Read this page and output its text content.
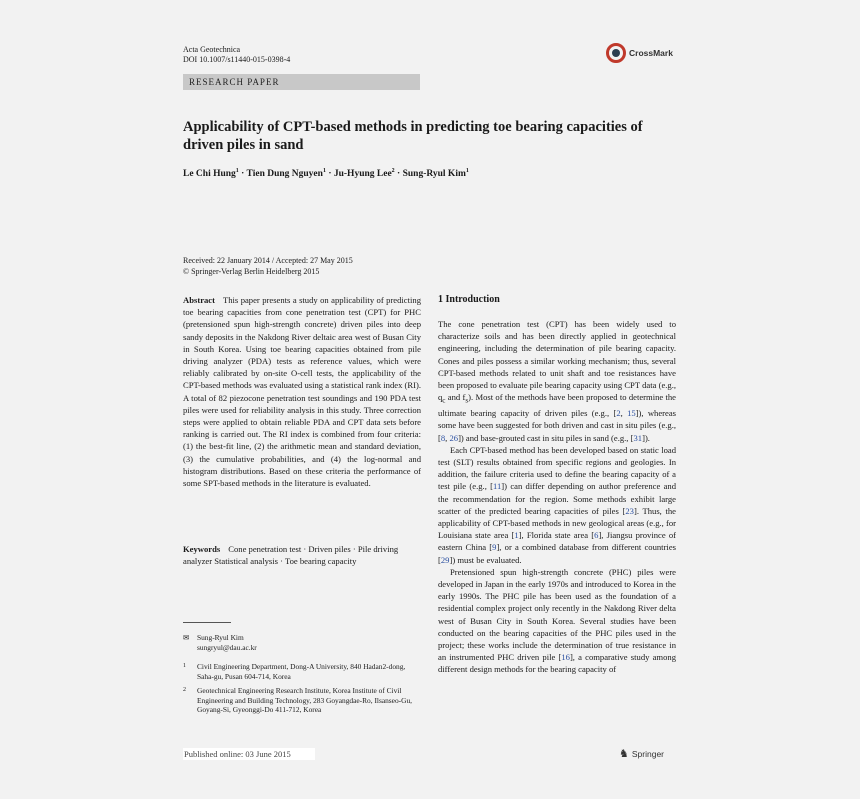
Acta Geotechnica
DOI 10.1007/s11440-015-0398-4
CrossMark
RESEARCH PAPER
Applicability of CPT-based methods in predicting toe bearing capacities of driven piles in sand
Le Chi Hung$^1$ · Tien Dung Nguyen$^1$ · Ju-Hyung Lee$^2$ · Sung-Ryul Kim$^1$
Received: 22 January 2014 / Accepted: 27 May 2015
© Springer-Verlag Berlin Heidelberg 2015
Abstract This paper presents a study on applicability of predicting toe bearing capacities from cone penetration test (CPT) for PHC (pretensioned spun high-strength concrete) driven piles into deep sandy deposits in the Nakdong River deltaic area west of Busan City in South Korea. Using toe bearing capacities obtained from pile driving analyzer (PDA) tests as reference values, which were reliably calibrated by on-site O-cell tests, the applicability of the CPT-based methods was evaluated using a statistical rank index (RI). A total of 82 piezocone penetration test soundings and 190 PDA test piles were used for reliability analysis in this study. Three correction steps were applied to obtain reliable PDA and CPT data sets before ranking is carried out. The RI index is combined from four criteria: (1) the best-fit line, (2) the arithmetic mean and standard deviation, (3) the cumulative probabilities, and (4) the log-normal and histogram distributions. Based on these criteria the performance of some SPT-based methods in the literature is evaluated.
Keywords Cone penetration test · Driven piles · Pile driving analyzer Statistical analysis · Toe bearing capacity
✉ Sung-Ryul Kim
sungryul@dau.ac.kr
1 Civil Engineering Department, Dong-A University, 840 Hadan2-dong, Saha-gu, Pusan 604-714, Korea
2 Geotechnical Engineering Research Institute, Korea Institute of Civil Engineering and Building Technology, 283 Goyangdae-Ro, Ilsanseo-Gu, Goyang-Si, Gyeonggi-Do 411-712, Korea
Published online: 03 June 2015
1 Introduction

The cone penetration test (CPT) has been widely used to characterize soils and has been directly applied in geotechnical engineering, including the determination of pile bearing capacity. Cones and piles possess a similar working mechanism; thus, several CPT-based methods related to unit shaft and toe resistances have been proposed to evaluate pile bearing capacity using CPT data (e.g., $q_c$ and $f_s$). Most of the methods have been proposed to determine the ultimate bearing capacity of driven piles (e.g., [2, 15]), whereas some have been suggested for both driven and cast in situ piles (e.g., [8, 26]) and base-grouted cast in situ piles in sand (e.g., [31]).

Each CPT-based method has been developed based on static load test (SLT) results obtained from specific regions and geologies. In addition, the failure criteria used to define the bearing capacity of a test pile (e.g., [11]) can differ depending on author preference and the recommendation for the region. Some methods exhibit large scatter of the predicted bearing capacities of piles [23]. Thus, the applicability of CPT-based methods in new geological areas (e.g., for Louisiana state area [1], Florida state area [6], Jiangsu province of eastern China [9], or a combined database from different countries [29]) must be evaluated.

Pretensioned spun high-strength concrete (PHC) piles were developed in Japan in the early 1970s and introduced to Korea in the early 1990s. The PHC pile has been used as the foundation of a residential complex project only recently in the Nakdong River delta west of Busan City in South Korea. Several studies have been conducted on the bearing capacities of the PHC piles used in the project; these works include the determination of true resistance in an instrumented PHC driven pile [16], a comparative study among different design methods for the bearing capacity of

♞ Springer
